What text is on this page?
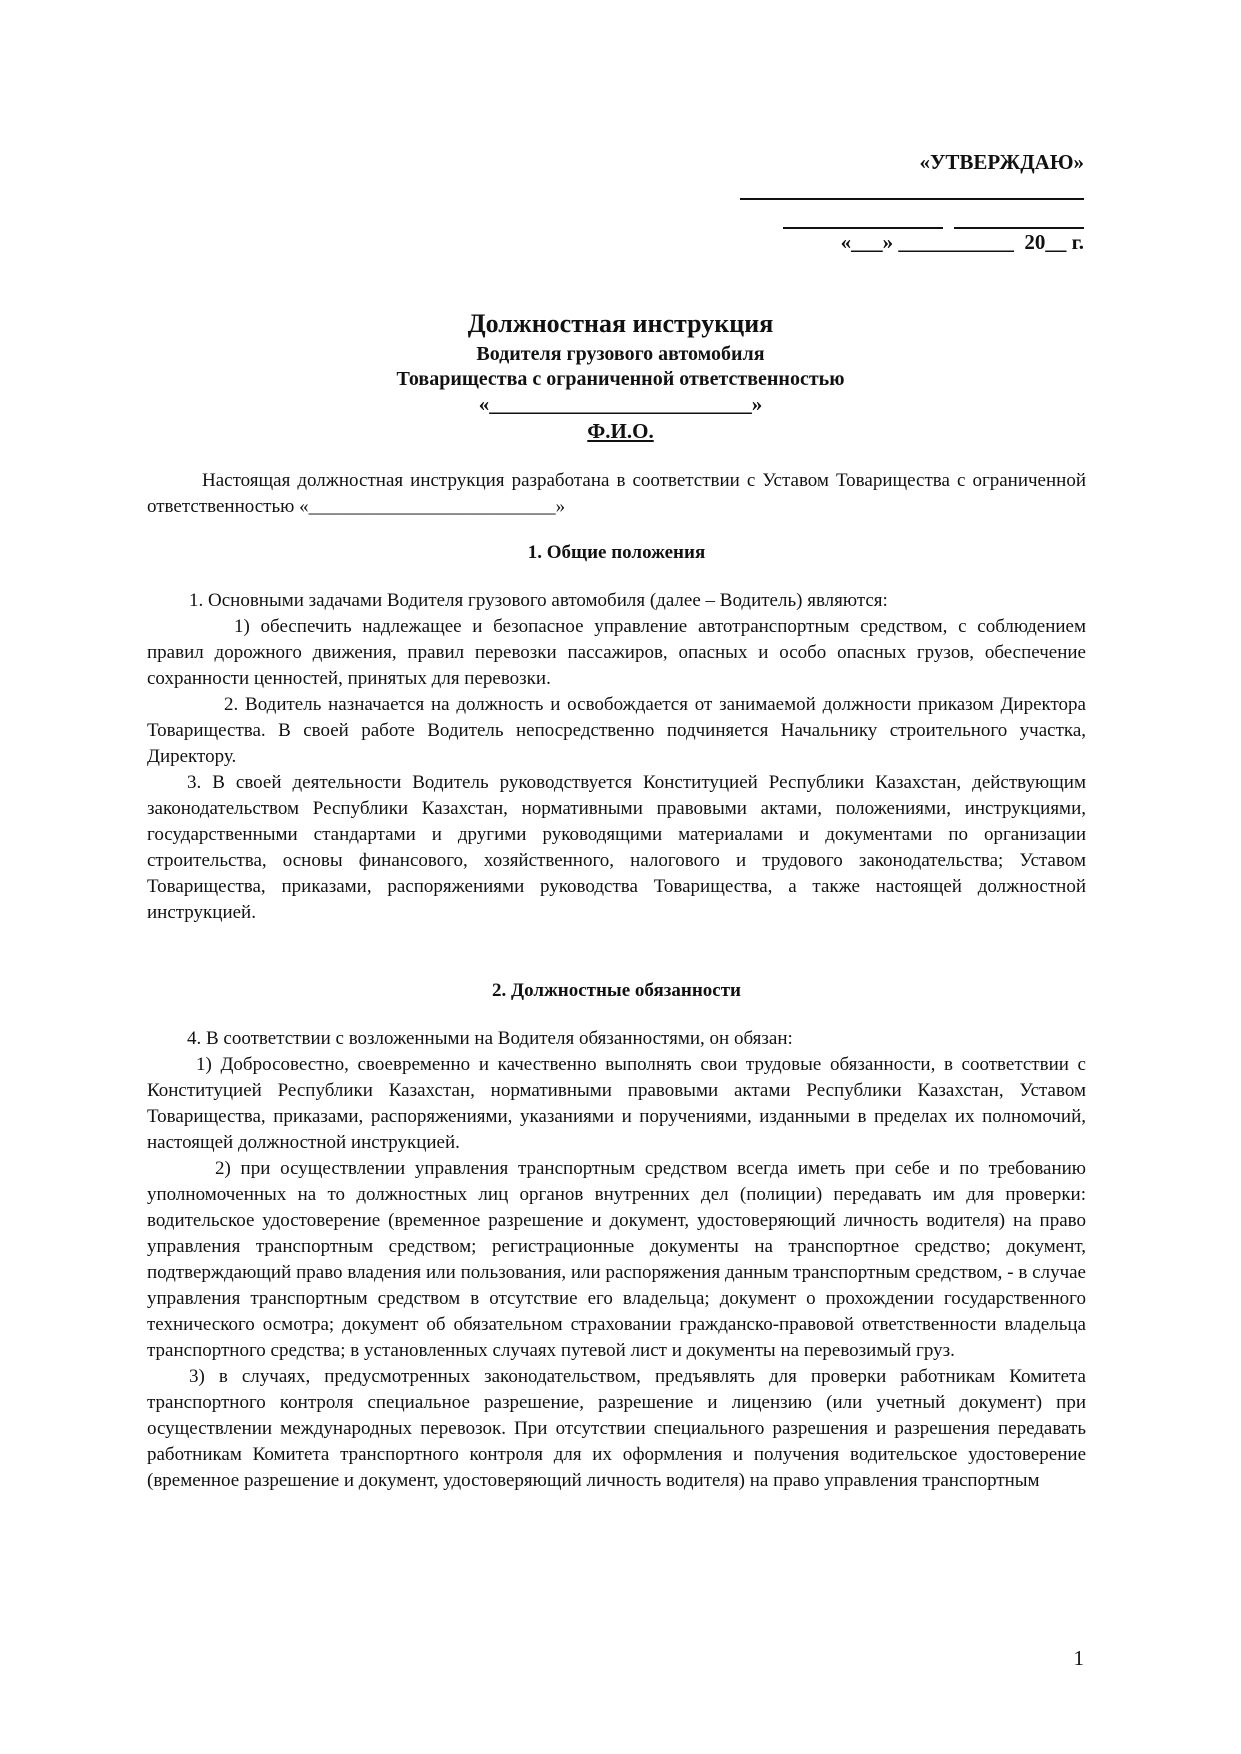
«УТВЕРЖДАЮ»
«___» ___________  20__ г.
Должностная инструкция
Водителя грузового автомобиля
Товарищества с ограниченной ответственностью
«_________________________»
Ф.И.О.

Настоящая должностная инструкция разработана в соответствии с Уставом Товарищества с ограниченной ответственностью «__________________________»

1. Общие положения

1. Основными задачами Водителя грузового автомобиля (далее – Водитель) являются:

1) обеспечить надлежащее и безопасное управление автотранспортным средством, с соблюдением правил дорожного движения, правил перевозки пассажиров, опасных и особо опасных грузов, обеспечение сохранности ценностей, принятых для перевозки.

2. Водитель назначается на должность и освобождается от занимаемой должности приказом Директора Товарищества. В своей работе Водитель непосредственно подчиняется Начальнику строительного участка, Директору.

3. В своей деятельности Водитель руководствуется Конституцией Республики Казахстан, действующим законодательством Республики Казахстан, нормативными правовыми актами, положениями, инструкциями, государственными стандартами и другими руководящими материалами и документами по организации строительства, основы финансового, хозяйственного, налогового и трудового законодательства; Уставом Товарищества, приказами, распоряжениями руководства Товарищества, а также настоящей должностной инструкцией.

2. Должностные обязанности

4. В соответствии с возложенными на Водителя обязанностями, он обязан:

1) Добросовестно, своевременно и качественно выполнять свои трудовые обязанности, в соответствии с Конституцией Республики Казахстан, нормативными правовыми актами Республики Казахстан, Уставом Товарищества, приказами, распоряжениями, указаниями и поручениями, изданными в пределах их полномочий, настоящей должностной инструкцией.

2) при осуществлении управления транспортным средством всегда иметь при себе и по требованию уполномоченных на то должностных лиц органов внутренних дел (полиции) передавать им для проверки: водительское удостоверение (временное разрешение и документ, удостоверяющий личность водителя) на право управления транспортным средством; регистрационные документы на транспортное средство; документ, подтверждающий право владения или пользования, или распоряжения данным транспортным средством, - в случае управления транспортным средством в отсутствие его владельца; документ о прохождении государственного технического осмотра; документ об обязательном страховании гражданско-правовой ответственности владельца транспортного средства; в установленных случаях путевой лист и документы на перевозимый груз.

3) в случаях, предусмотренных законодательством, предъявлять для проверки работникам Комитета транспортного контроля специальное разрешение, разрешение и лицензию (или учетный документ) при осуществлении международных перевозок. При отсутствии специального разрешения и разрешения передавать работникам Комитета транспортного контроля для их оформления и получения водительское удостоверение (временное разрешение и документ, удостоверяющий личность водителя) на право управления транспортным

1
